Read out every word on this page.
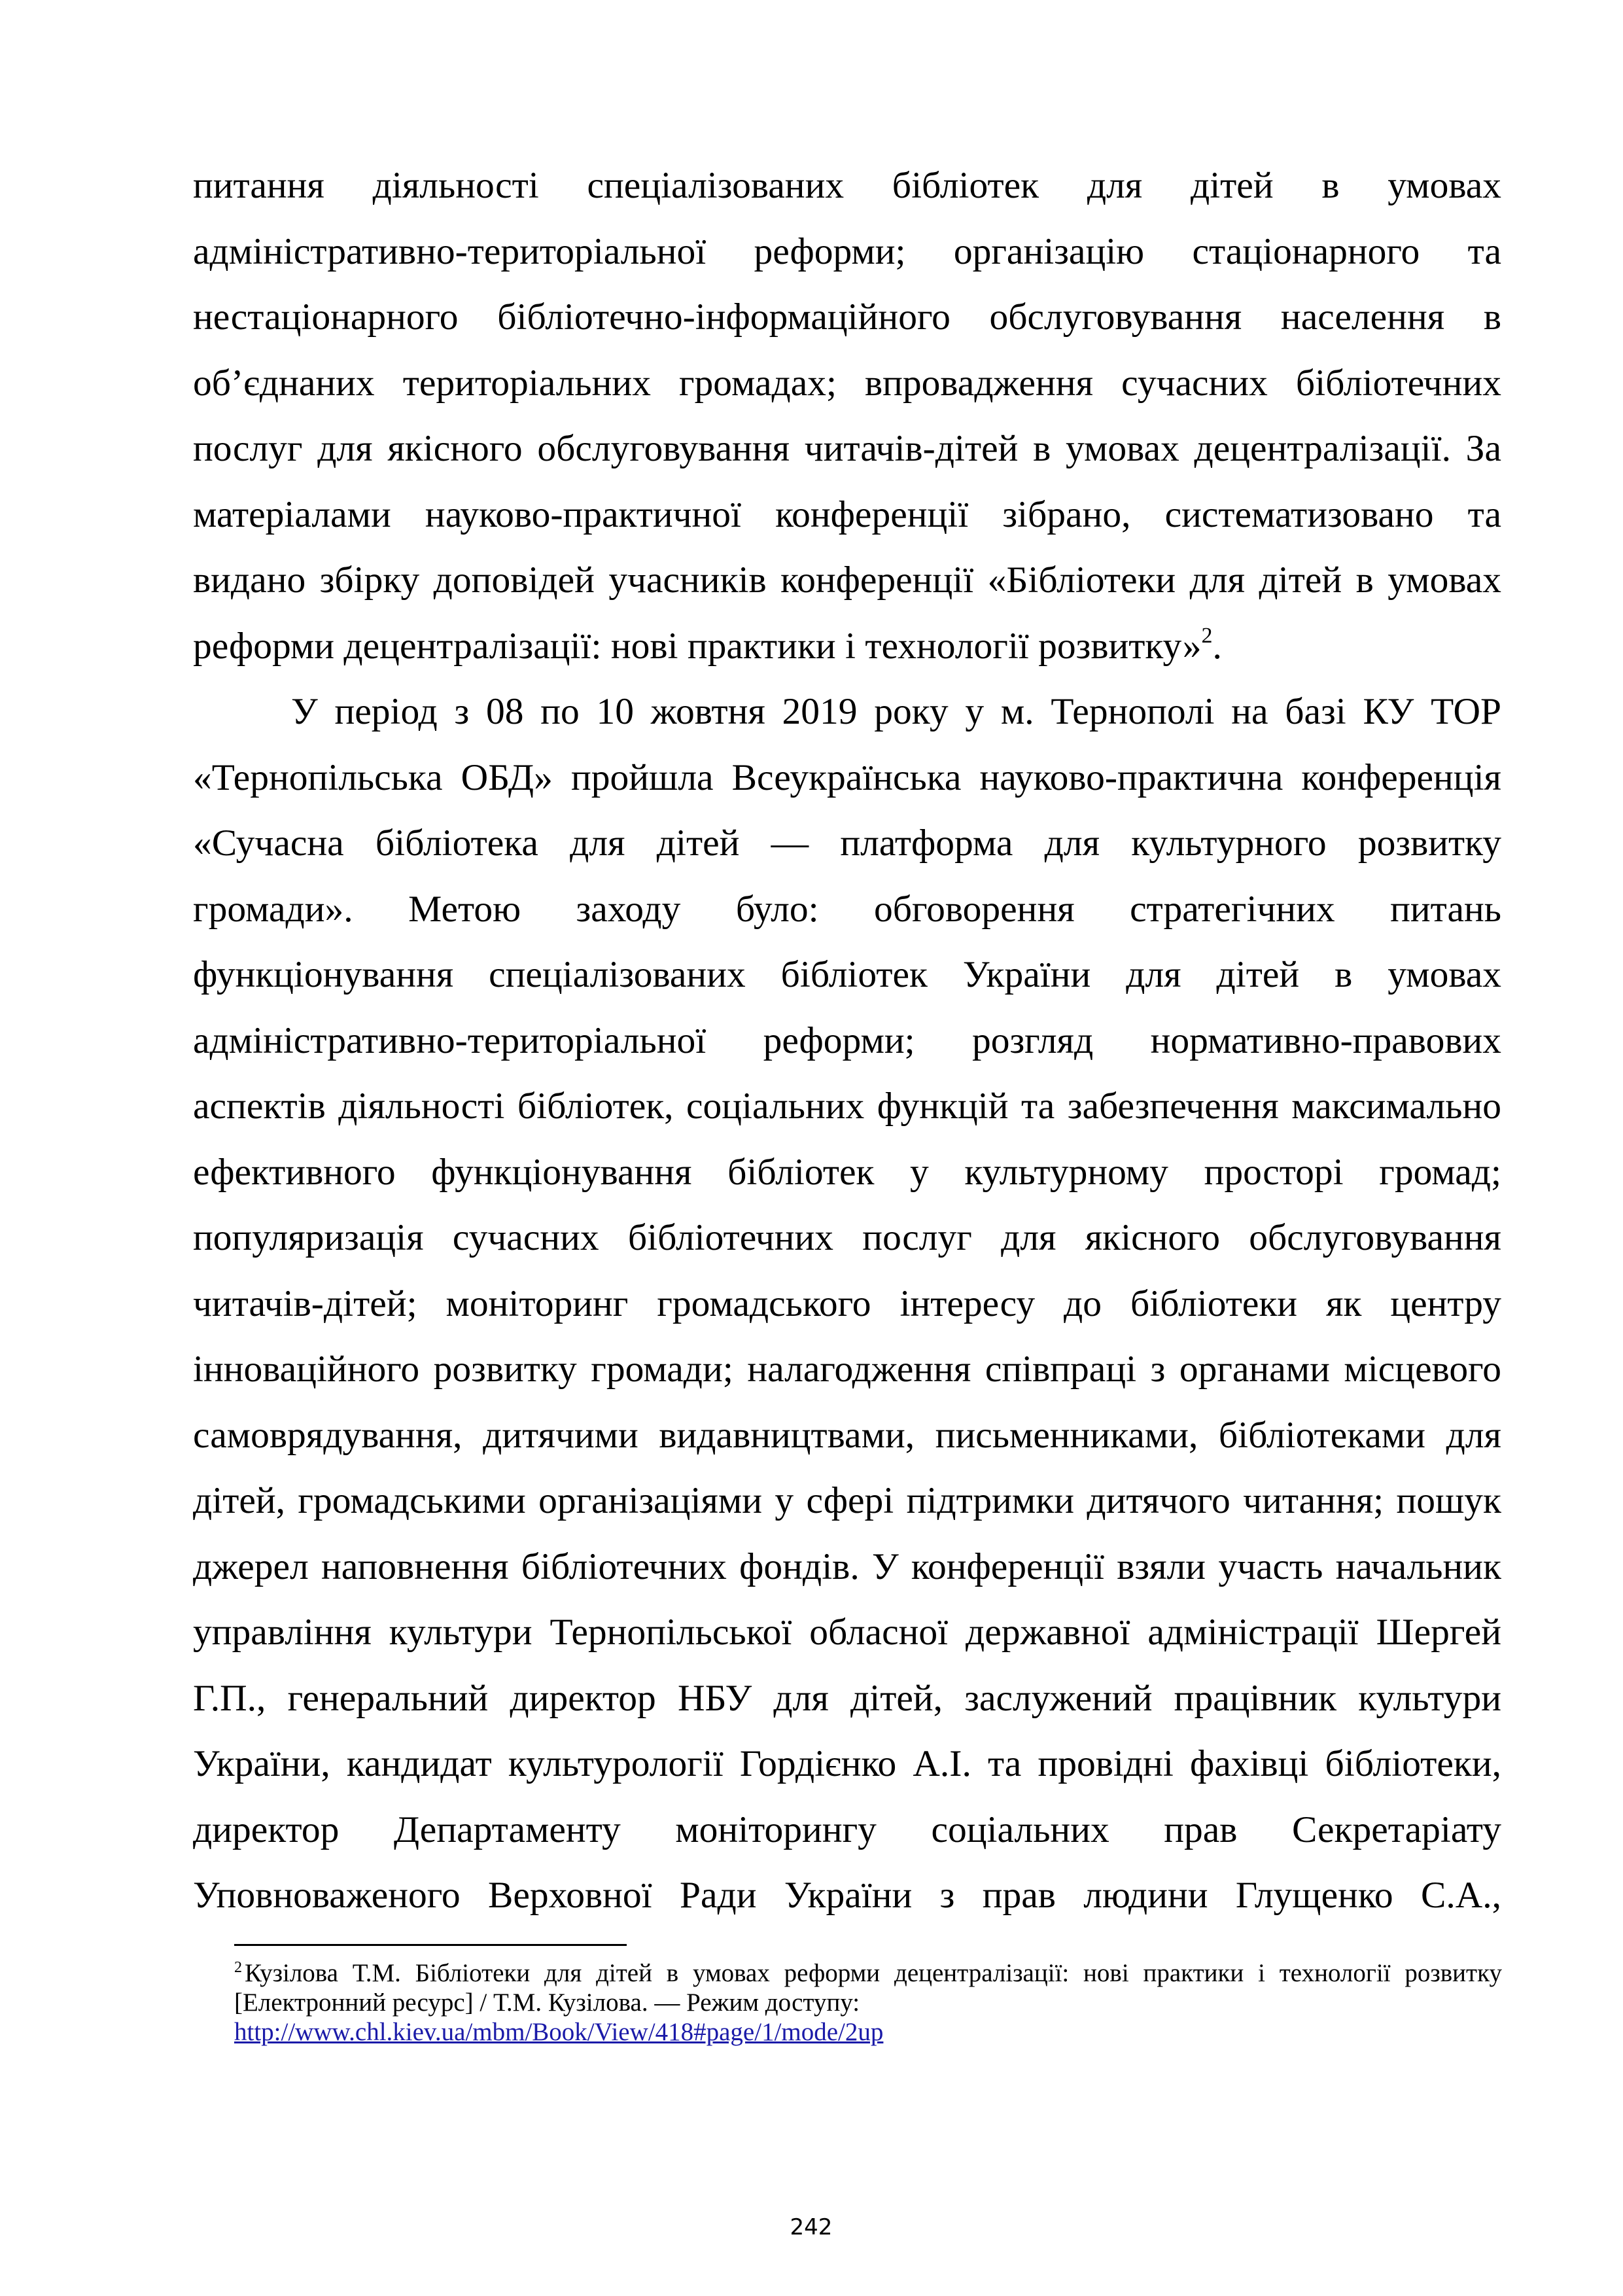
питання діяльності спеціалізованих бібліотек для дітей в умовах
адміністративно-територіальної реформи; організацію стаціонарного та
нестаціонарного бібліотечно-інформаційного обслуговування населення в
об’єднаних територіальних громадах; впровадження сучасних бібліотечних
послуг для якісного обслуговування читачів-дітей в умовах децентралізації. За
матеріалами науково-практичної конференції зібрано, систематизовано та
видано збірку доповідей учасників конференції «Бібліотеки для дітей в умовах
реформи децентралізації: нові практики і технології розвитку»$^2$.
У період з 08 по 10 жовтня 2019 року у м. Тернополі на базі КУ ТОР
«Тернопільська ОБД» пройшла Всеукраїнська науково-практична конференція
«Сучасна бібліотека для дітей — платформа для культурного розвитку
громади». Метою заходу було: обговорення стратегічних питань
функціонування спеціалізованих бібліотек України для дітей в умовах
адміністративно-територіальної реформи; розгляд нормативно-правових
аспектів діяльності бібліотек, соціальних функцій та забезпечення максимально
ефективного функціонування бібліотек у культурному просторі громад;
популяризація сучасних бібліотечних послуг для якісного обслуговування
читачів-дітей; моніторинг громадського інтересу до бібліотеки як центру
інноваційного розвитку громади; налагодження співпраці з органами місцевого
самоврядування, дитячими видавництвами, письменниками, бібліотеками для
дітей, громадськими організаціями у сфері підтримки дитячого читання; пошук
джерел наповнення бібліотечних фондів. У конференції взяли участь начальник
управління культури Тернопільської обласної державної адміністрації Шергей
Г.П., генеральний директор НБУ для дітей, заслужений працівник культури
України, кандидат культурології Гордієнко А.І. та провідні фахівці бібліотеки,
директор Департаменту моніторингу соціальних прав Секретаріату
Уповноваженого Верховної Ради України з прав людини Глущенко С.А.,
$^2$ Кузілова Т.М. Бібліотеки для дітей в умовах реформи децентралізації: нові практики і технології розвитку
[Електронний ресурс] / Т.М. Кузілова. — Режим доступу:
http://www.chl.kiev.ua/mbm/Book/View/418#page/1/mode/2up
242
